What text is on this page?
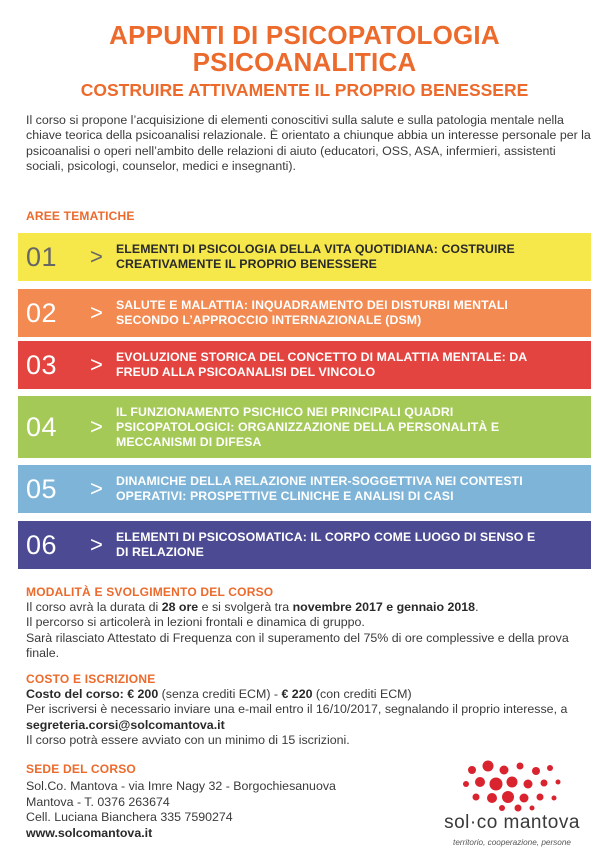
APPUNTI DI PSICOPATOLOGIA
PSICOANALITICA
COSTRUIRE ATTIVAMENTE IL PROPRIO BENESSERE

Il corso si propone l’acquisizione di elementi conoscitivi sulla salute e sulla patologia mentale nella chiave teorica della psicoanalisi relazionale. È orientato a chiunque abbia un interesse personale per la psicoanalisi o operi nell’ambito delle relazioni di aiuto (educatori, OSS, ASA, infermieri, assistenti sociali, psicologi, counselor, medici e insegnanti).

AREE TEMATICHE
01	>	ELEMENTI DI PSICOLOGIA DELLA VITA QUOTIDIANA: COSTRUIRE
CREATIVAMENTE IL PROPRIO BENESSERE
02	>	SALUTE E MALATTIA: INQUADRAMENTO DEI DISTURBI MENTALI
SECONDO L’APPROCCIO INTERNAZIONALE (DSM)
03	>	EVOLUZIONE STORICA DEL CONCETTO DI MALATTIA MENTALE: DA
FREUD ALLA PSICOANALISI DEL VINCOLO
04	>
IL FUNZIONAMENTO PSICHICO NEI PRINCIPALI QUADRI
PSICOPATOLOGICI: ORGANIZZAZIONE DELLA PERSONALITÀ E
MECCANISMI DI DIFESA
05	>	DINAMICHE DELLA RELAZIONE INTER-SOGGETTIVA NEI CONTESTI
OPERATIVI: PROSPETTIVE CLINICHE E ANALISI DI CASI
06	>	ELEMENTI DI PSICOSOMATICA: IL CORPO COME LUOGO DI SENSO E
DI RELAZIONE
MODALITÀ E SVOLGIMENTO DEL CORSO
Il corso avrà la durata di 28 ore e si svolgerà tra novembre 2017 e gennaio 2018.
Il percorso si articolerà in lezioni frontali e dinamica di gruppo.
Sarà rilasciato Attestato di Frequenza con il superamento del 75% di ore complessive e della prova finale.
COSTO E ISCRIZIONE
Costo del corso: € 200 (senza crediti ECM) - € 220 (con crediti ECM)
Per iscriversi è necessario inviare una e-mail entro il 16/10/2017, segnalando il proprio interesse, a segreteria.corsi@solcomantova.it
Il corso potrà essere avviato con un minimo di 15 iscrizioni.
SEDE DEL CORSO
Sol.Co. Mantova - via Imre Nagy 32 - Borgochiesanuova
Mantova - T. 0376 263674
Cell. Luciana Bianchera 335 7590274
www.solcomantova.it	sol·co mantova
territorio, cooperazione, persone
